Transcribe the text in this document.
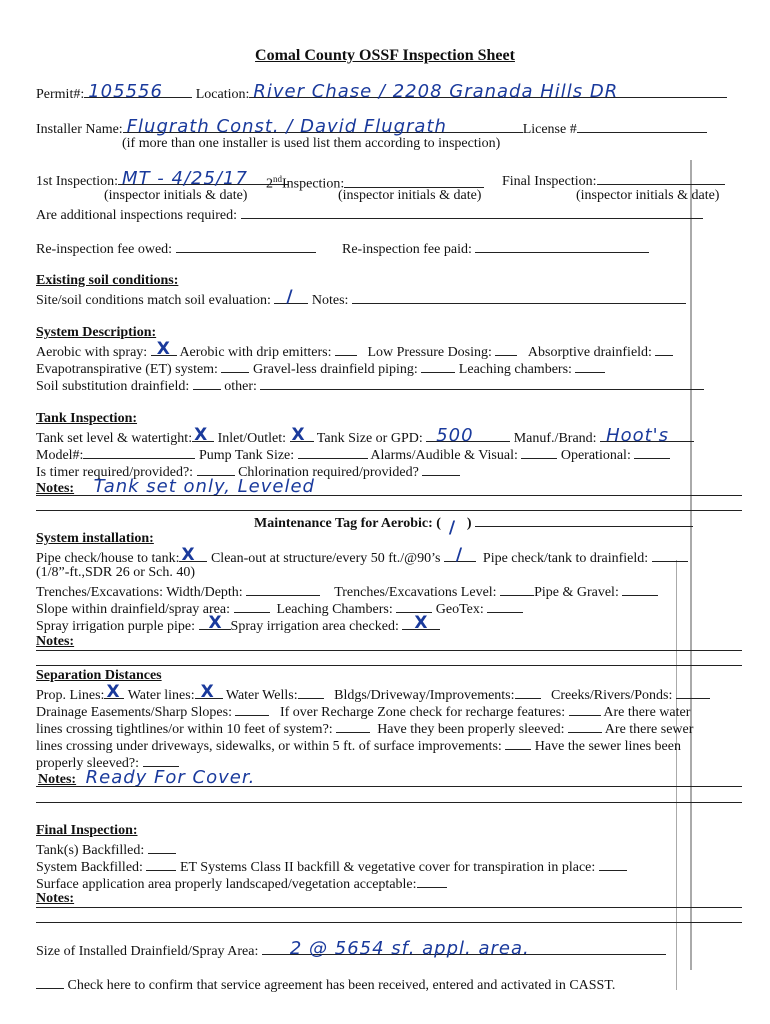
Comal County OSSF Inspection Sheet
Permit#: 105556 Location: River Chase / 2208 Granada Hills DR
Installer Name: Flugrath Const. / David Flugrath	License #
(if more than one installer is used list them according to inspection)
1st Inspection: MT - 4/25/17 2ndInspection:	Final Inspection:
(inspector initials & date)	(inspector initials & date)	(inspector initials & date)
Are additional inspections required:
Re-inspection fee owed:	Re-inspection fee paid:
Existing soil conditions:
Site/soil conditions match soil evaluation: / Notes:
System Description:
Aerobic with spray: X Aerobic with drip emitters:	Low Pressure Dosing:	Absorptive drainfield:
Evapotranspirative (ET) system:	Gravel-less drainfield piping:	Leaching chambers:
Soil substitution drainfield:	other:
Tank Inspection:
Tank set level & watertight: X Inlet/Outlet: X Tank Size or GPD: 500	Manuf./Brand: Hoot's
Model#:	Pump Tank Size:	Alarms/Audible & Visual:	Operational:
Is timer required/provided?:	Chlorination required/provided?
Notes: Tank set only, Leveled
Maintenance Tag for Aerobic: ( / )
System installation:
Pipe check/house to tank: X Clean-out at structure/every 50 ft./@90’s / Pipe check/tank to drainfield:
(1/8”-ft.,SDR 26 or Sch. 40)
Trenches/Excavations: Width/Depth:	Trenches/Excavations Level:	Pipe & Gravel:
Slope within drainfield/spray area:	Leaching Chambers:	GeoTex:
Spray irrigation purple pipe: X Spray irrigation area checked: X
Notes:
Separation Distances
Prop. Lines: X Water lines: X Water Wells:	Bldgs/Driveway/Improvements:	Creeks/Rivers/Ponds:
Drainage Easements/Sharp Slopes:	If over Recharge Zone check for recharge features:	Are there water
lines crossing tightlines/or within 10 feet of system?:	Have they been properly sleeved:	Are there sewer
lines crossing under driveways, sidewalks, or within 5 ft. of surface improvements: Have the sewer lines been
properly sleeved?:
Notes: Ready For Cover.
Final Inspection:
Tank(s) Backfilled:
System Backfilled:	ET Systems Class II backfill & vegetative cover for transpiration in place:
Surface application area properly landscaped/vegetation acceptable:
Notes:
Size of Installed Drainfield/Spray Area: 2 @ 5654 sf. appl. area.
Check here to confirm that service agreement has been received, entered and activated in CASST.
